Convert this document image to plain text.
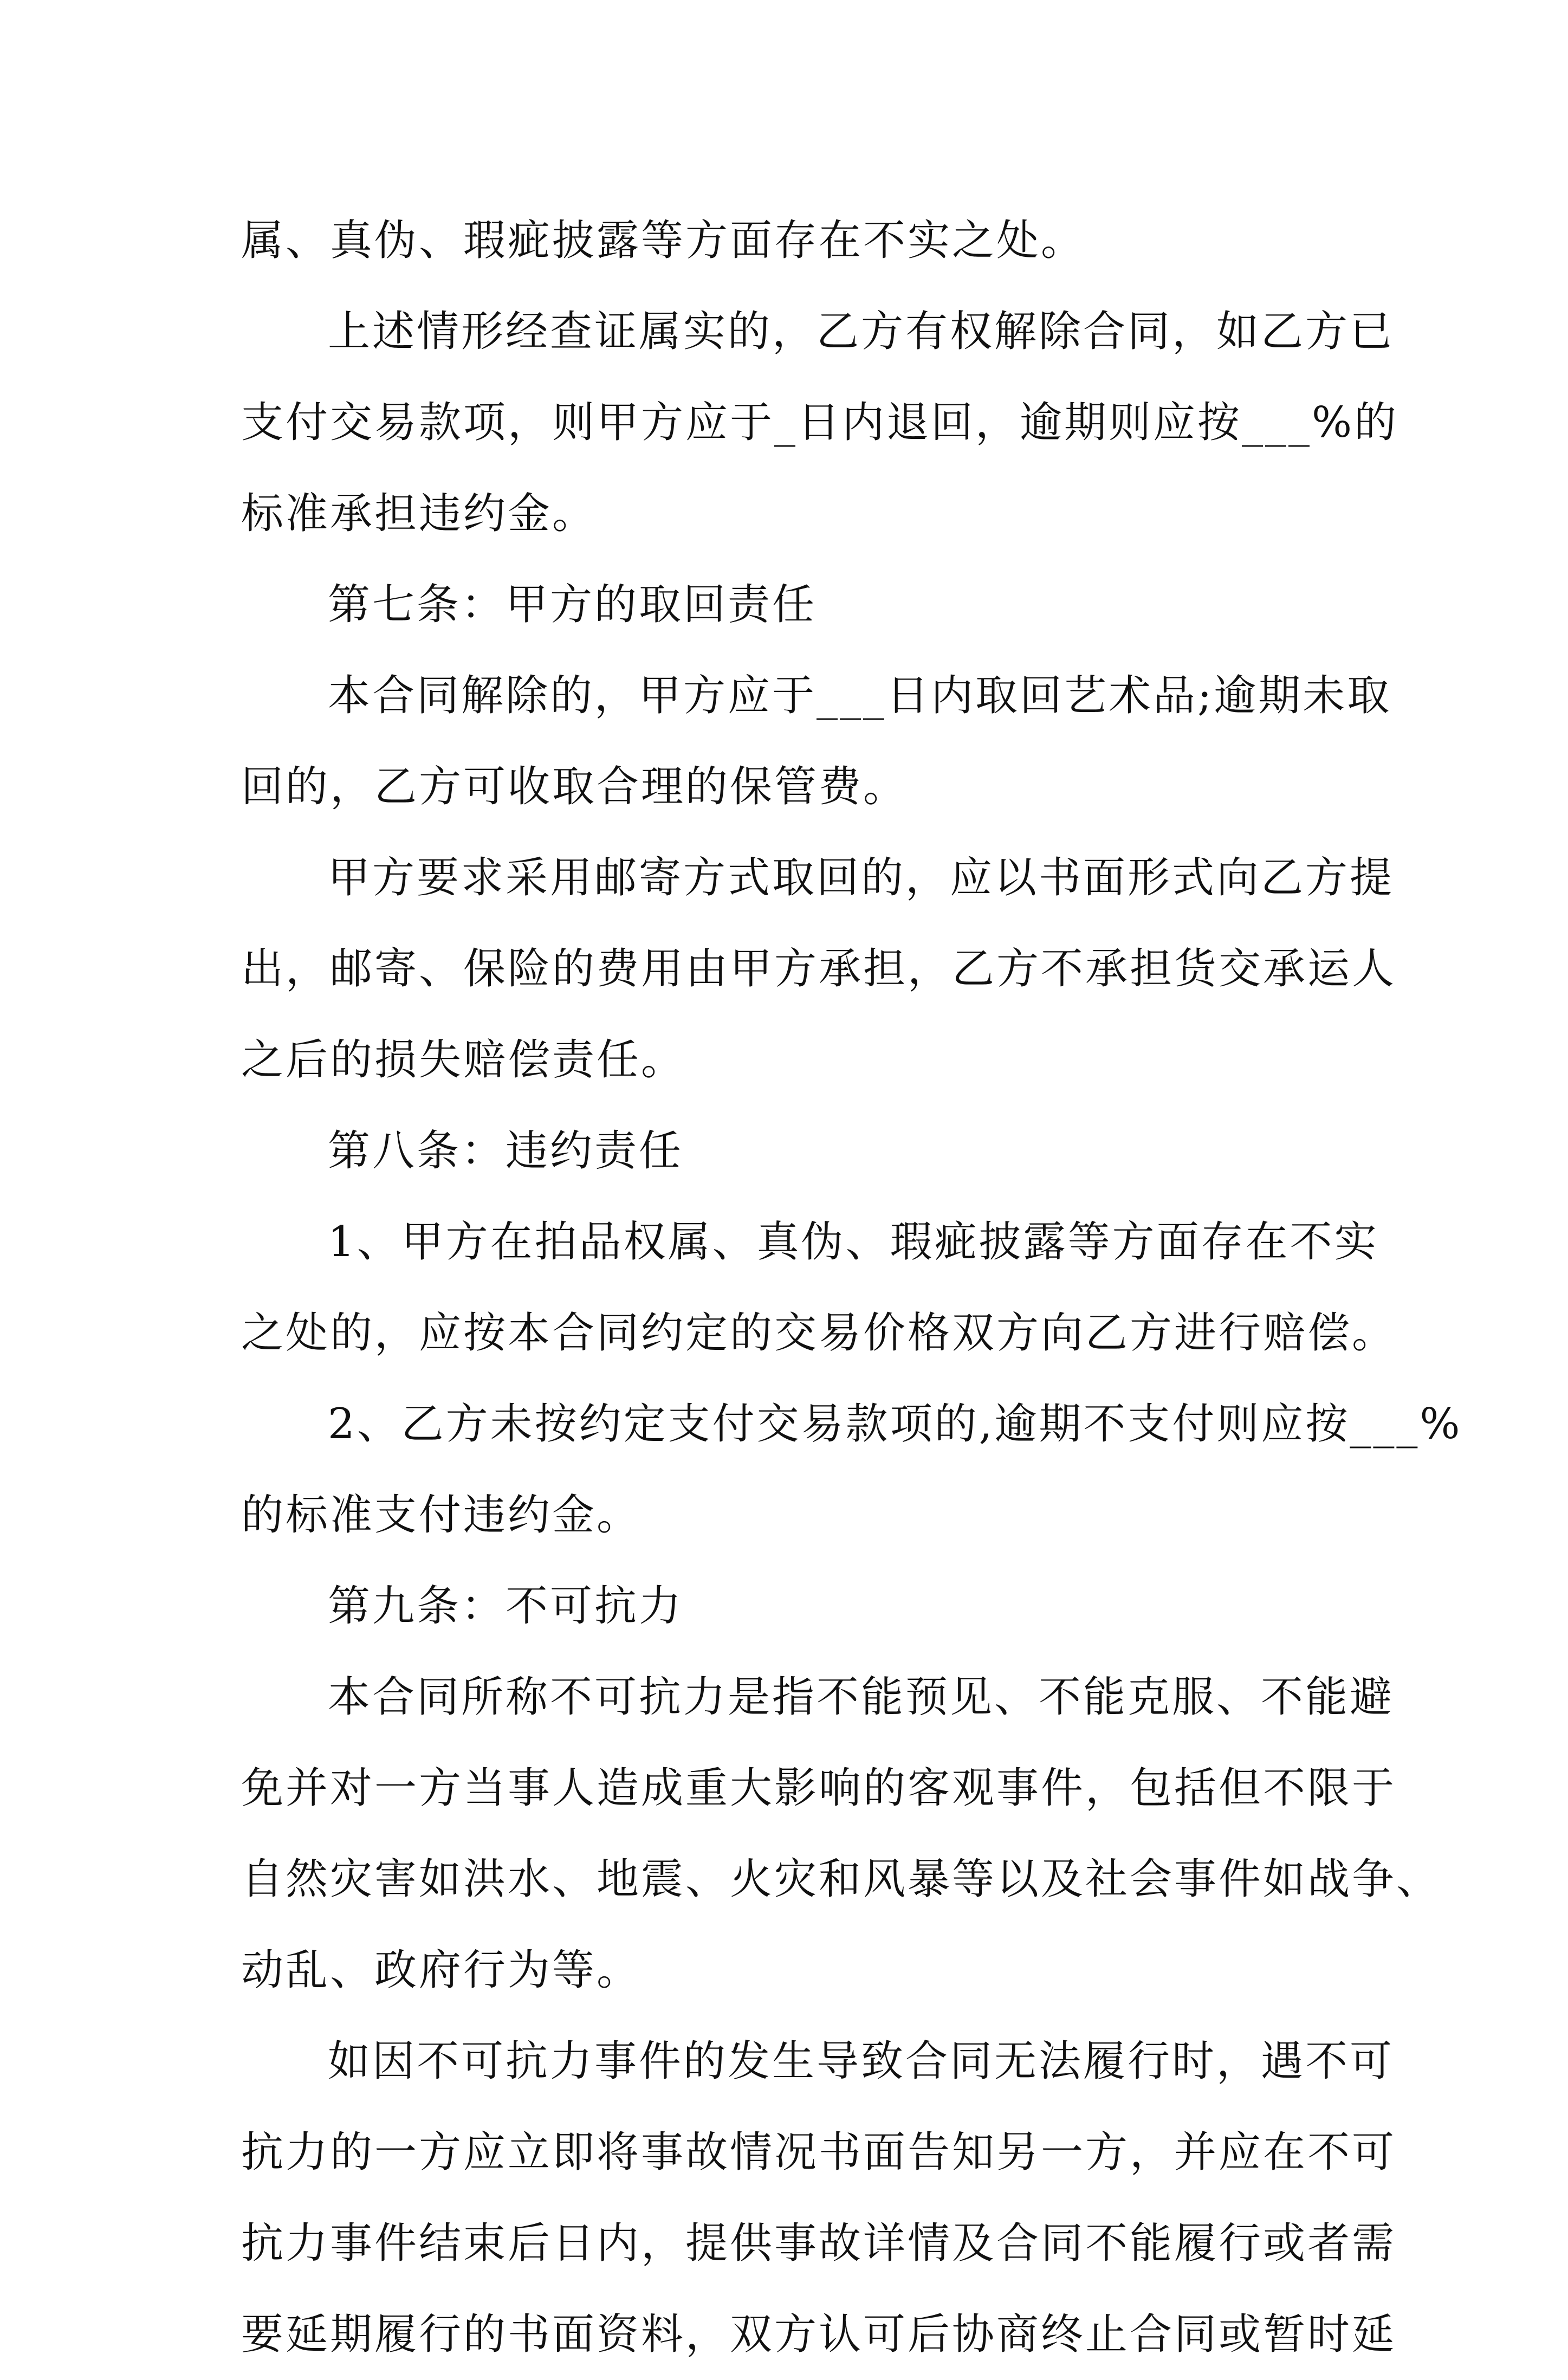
属、真伪、瑕疵披露等方面存在不实之处。
上述情形经查证属实的，乙方有权解除合同，如乙方已
支付交易款项，则甲方应于_日内退回，逾期则应按___%的
标准承担违约金。
第七条：甲方的取回责任
本合同解除的，甲方应于___日内取回艺术品;逾期未取
回的，乙方可收取合理的保管费。
甲方要求采用邮寄方式取回的，应以书面形式向乙方提
出，邮寄、保险的费用由甲方承担，乙方不承担货交承运人
之后的损失赔偿责任。
第八条：违约责任
1、甲方在拍品权属、真伪、瑕疵披露等方面存在不实
之处的，应按本合同约定的交易价格双方向乙方进行赔偿。
2、乙方未按约定支付交易款项的,逾期不支付则应按___%
的标准支付违约金。
第九条：不可抗力
本合同所称不可抗力是指不能预见、不能克服、不能避
免并对一方当事人造成重大影响的客观事件，包括但不限于
自然灾害如洪水、地震、火灾和风暴等以及社会事件如战争、
动乱、政府行为等。
如因不可抗力事件的发生导致合同无法履行时，遇不可
抗力的一方应立即将事故情况书面告知另一方，并应在不可
抗力事件结束后日内，提供事故详情及合同不能履行或者需
要延期履行的书面资料，双方认可后协商终止合同或暂时延
